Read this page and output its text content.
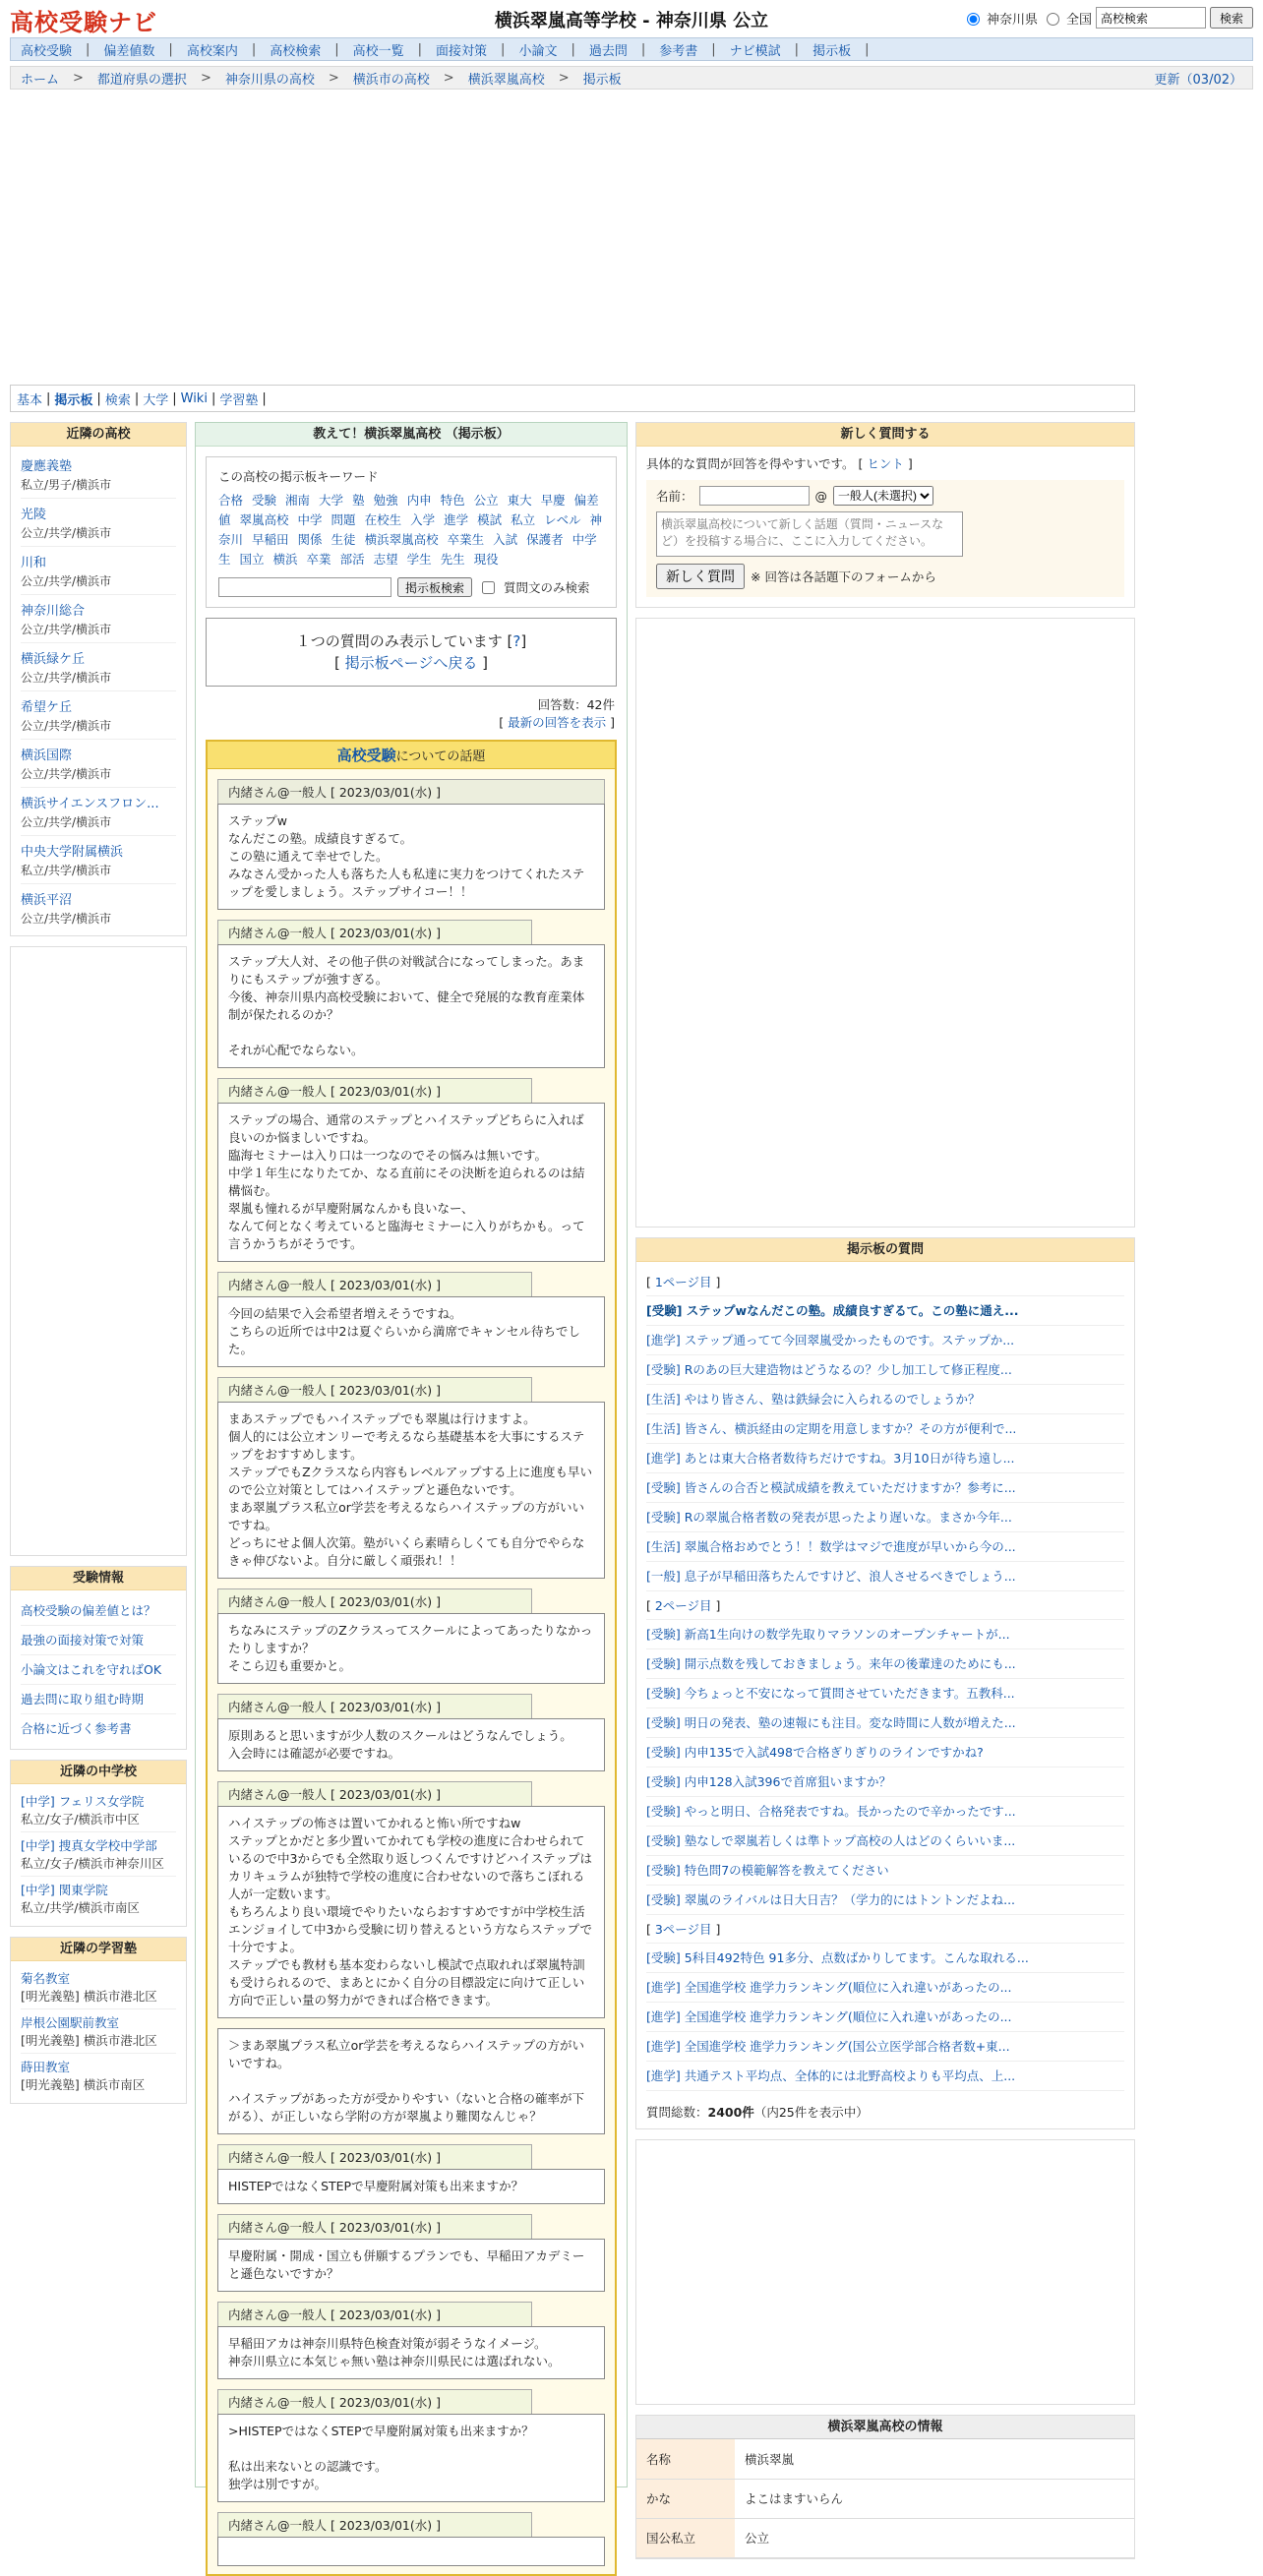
高校受験ナビ	横浜翠嵐高等学校 - 神奈川県 公立	神奈川県 全国
高校検索	検索
高校受験	|	偏差値数	|	高校案内	|	高校検索	|	高校一覧	|	面接対策	|	小論文	|	過去問	|	参考書	|	ナビ模試	|	掲示板	|
ホーム	>	都道府県の選択	>	神奈川県の高校	>	横浜市の高校	>	横浜翠嵐高校	>	掲示板	更新（03/02）
基本 | 掲示板 | 検索 | 大学 | Wiki | 学習塾 |
近隣の高校
慶應義塾
私立/男子/横浜市
光陵
公立/共学/横浜市
川和
公立/共学/横浜市
神奈川総合
公立/共学/横浜市
横浜緑ケ丘
公立/共学/横浜市
希望ケ丘
公立/共学/横浜市
横浜国際
公立/共学/横浜市
横浜サイエンスフロン...
公立/共学/横浜市
中央大学附属横浜
私立/共学/横浜市
横浜平沼
公立/共学/横浜市
受験情報
高校受験の偏差値とは？
最強の面接対策で対策
小論文はこれを守ればOK
過去問に取り組む時期
合格に近づく参考書
近隣の中学校
[中学] フェリス女学院
私立/女子/横浜市中区
[中学] 捜真女学校中学部
私立/女子/横浜市神奈川区
[中学] 関東学院
私立/共学/横浜市南区
近隣の学習塾
菊名教室
[明光義塾] 横浜市港北区
岸根公園駅前教室
[明光義塾] 横浜市港北区
蒔田教室
[明光義塾] 横浜市南区
教えて！横浜翠嵐高校 （掲示板）
この高校の掲示板キーワード
合格 受験 湘南 大学 塾 勉強 内申 特色 公立 東大 早慶 偏差値 翠嵐高校 中学 問題 在校生 入学 進学 模試 私立 レベル 神奈川 早稲田 関係 生徒 横浜翠嵐高校 卒業生 入試 保護者 中学生 国立 横浜 卒業 部活 志望 学生 先生 現役
掲示板検索	質問文のみ検索
１つの質問のみ表示しています [?]
[ 掲示板ページへ戻る ]
回答数：42件
[ 最新の回答を表示 ]
高校受験についての話題
内緒さん@一般人 [ 2023/03/01(水) ]
ステップw
なんだこの塾。成績良すぎるて。
この塾に通えて幸せでした。
みなさん受かった人も落ちた人も私達に実力をつけてくれたステップを愛しましょう。ステップサイコー！！
内緒さん@一般人 [ 2023/03/01(水) ]
ステップ大人対、その他子供の対戦試合になってしまった。あまりにもステップが強すぎる。
今後、神奈川県内高校受験において、健全で発展的な教育産業体制が保たれるのか？

それが心配でならない。
内緒さん@一般人 [ 2023/03/01(水) ]
ステップの場合、通常のステップとハイステップどちらに入れば良いのか悩ましいですね。
臨海セミナーは入り口は一つなのでその悩みは無いです。
中学１年生になりたてか、なる直前にその決断を迫られるのは結構悩む。
翠嵐も憧れるが早慶附属なんかも良いなー、
なんて何となく考えていると臨海セミナーに入りがちかも。って言うかうちがそうです。
内緒さん@一般人 [ 2023/03/01(水) ]
今回の結果で入会希望者増えそうですね。
こちらの近所では中2は夏ぐらいから満席でキャンセル待ちでした。
内緒さん@一般人 [ 2023/03/01(水) ]
まあステップでもハイステップでも翠嵐は行けますよ。
個人的には公立オンリーで考えるなら基礎基本を大事にするステップをおすすめします。
ステップでもZクラスなら内容もレベルアップする上に進度も早いので公立対策としてはハイステップと遜色ないです。
まあ翠嵐プラス私立or学芸を考えるならハイステップの方がいいですね。
どっちにせよ個人次第。塾がいくら素晴らしくても自分でやらなきゃ伸びないよ。自分に厳しく頑張れ！！
内緒さん@一般人 [ 2023/03/01(水) ]
ちなみにステップのZクラスってスクールによってあったりなかったりしますか？
そこら辺も重要かと。
内緒さん@一般人 [ 2023/03/01(水) ]
原則あると思いますが少人数のスクールはどうなんでしょう。
入会時には確認が必要ですね。
内緒さん@一般人 [ 2023/03/01(水) ]
ハイステップの怖さは置いてかれると怖い所ですねw
ステップとかだと多少置いてかれても学校の進度に合わせられているので中3からでも全然取り返しつくんですけどハイステップはカリキュラムが独特で学校の進度に合わせないので落ちこぼれる人が一定数います。
もちろんより良い環境でやりたいならおすすめですが中学校生活エンジョイして中3から受験に切り替えるという方ならステップで十分ですよ。
ステップでも教材も基本変わらないし模試で点取れれば翠嵐特訓も受けられるので、まあとにかく自分の目標設定に向けて正しい方向で正しい量の努力ができれば合格できます。
＞まあ翠嵐プラス私立or学芸を考えるならハイステップの方がいいですね。

ハイステップがあった方が受かりやすい（ないと合格の確率が下がる）、が正しいなら学附の方が翠嵐より難関なんじゃ？
内緒さん@一般人 [ 2023/03/01(水) ]
HISTEPではなくSTEPで早慶附属対策も出来ますか？
内緒さん@一般人 [ 2023/03/01(水) ]
早慶附属・開成・国立も併願するプランでも、早稲田アカデミーと遜色ないですか？
内緒さん@一般人 [ 2023/03/01(水) ]
早稲田アカは神奈川県特色検査対策が弱そうなイメージ。
神奈川県立に本気じゃ無い塾は神奈川県民には選ばれない。
内緒さん@一般人 [ 2023/03/01(水) ]
>HISTEPではなくSTEPで早慶附属対策も出来ますか？

私は出来ないとの認識です。
独学は別ですが。
内緒さん@一般人 [ 2023/03/01(水) ]
新しく質問する
具体的な質問が回答を得やすいです。 [ ヒント ]
名前：	@
一般人(未選択)
横浜翠嵐高校について新しく話題（質問・ニュースなど）を投稿する場合に、ここに入力してください。
新しく質問	※ 回答は各話題下のフォームから
掲示板の質問
[ 1ページ目 ]
[受験] ステップwなんだこの塾。成績良すぎるて。この塾に通え...
[進学] ステップ通ってて今回翠嵐受かったものです。ステップか...
[受験] Rのあの巨大建造物はどうなるの？少し加工して修正程度...
[生活] やはり皆さん、塾は鉄緑会に入られるのでしょうか？
[生活] 皆さん、横浜経由の定期を用意しますか？その方が便利で...
[進学] あとは東大合格者数待ちだけですね。3月10日が待ち遠し...
[受験] 皆さんの合否と模試成績を教えていただけますか？参考に...
[受験] Rの翠嵐合格者数の発表が思ったより遅いな。まさか今年...
[生活] 翠嵐合格おめでとう！！数学はマジで進度が早いから今の...
[一般] 息子が早稲田落ちたんですけど、浪人させるべきでしょう...
[ 2ページ目 ]
[受験] 新高1生向けの数学先取りマラソンのオープンチャートが...
[受験] 開示点数を残しておきましょう。来年の後輩達のためにも...
[受験] 今ちょっと不安になって質問させていただきます。五教科...
[受験] 明日の発表、塾の速報にも注目。変な時間に人数が増えた...
[受験] 内申135で入試498で合格ぎりぎりのラインですかね?
[受験] 内申128入試396で首席狙いますか？
[受験] やっと明日、合格発表ですね。長かったので辛かったです...
[受験] 塾なしで翠嵐若しくは準トップ高校の人はどのくらいいま...
[受験] 特色問7の模範解答を教えてください
[受験] 翠嵐のライバルは日大日吉？（学力的にはトントンだよね...
[ 3ページ目 ]
[受験] 5科目492特色 91多分、点数ばかりしてます。こんな取れる...
[進学] 全国進学校 進学力ランキング(順位に入れ違いがあったの...
[進学] 全国進学校 進学力ランキング(順位に入れ違いがあったの...
[進学] 全国進学校 進学力ランキング(国公立医学部合格者数+東...
[進学] 共通テスト平均点、全体的には北野高校よりも平均点、上...
質問総数：2400件（内25件を表示中）
横浜翠嵐高校の情報
名称	横浜翠嵐
かな	よこはますいらん
国公私立	公立
